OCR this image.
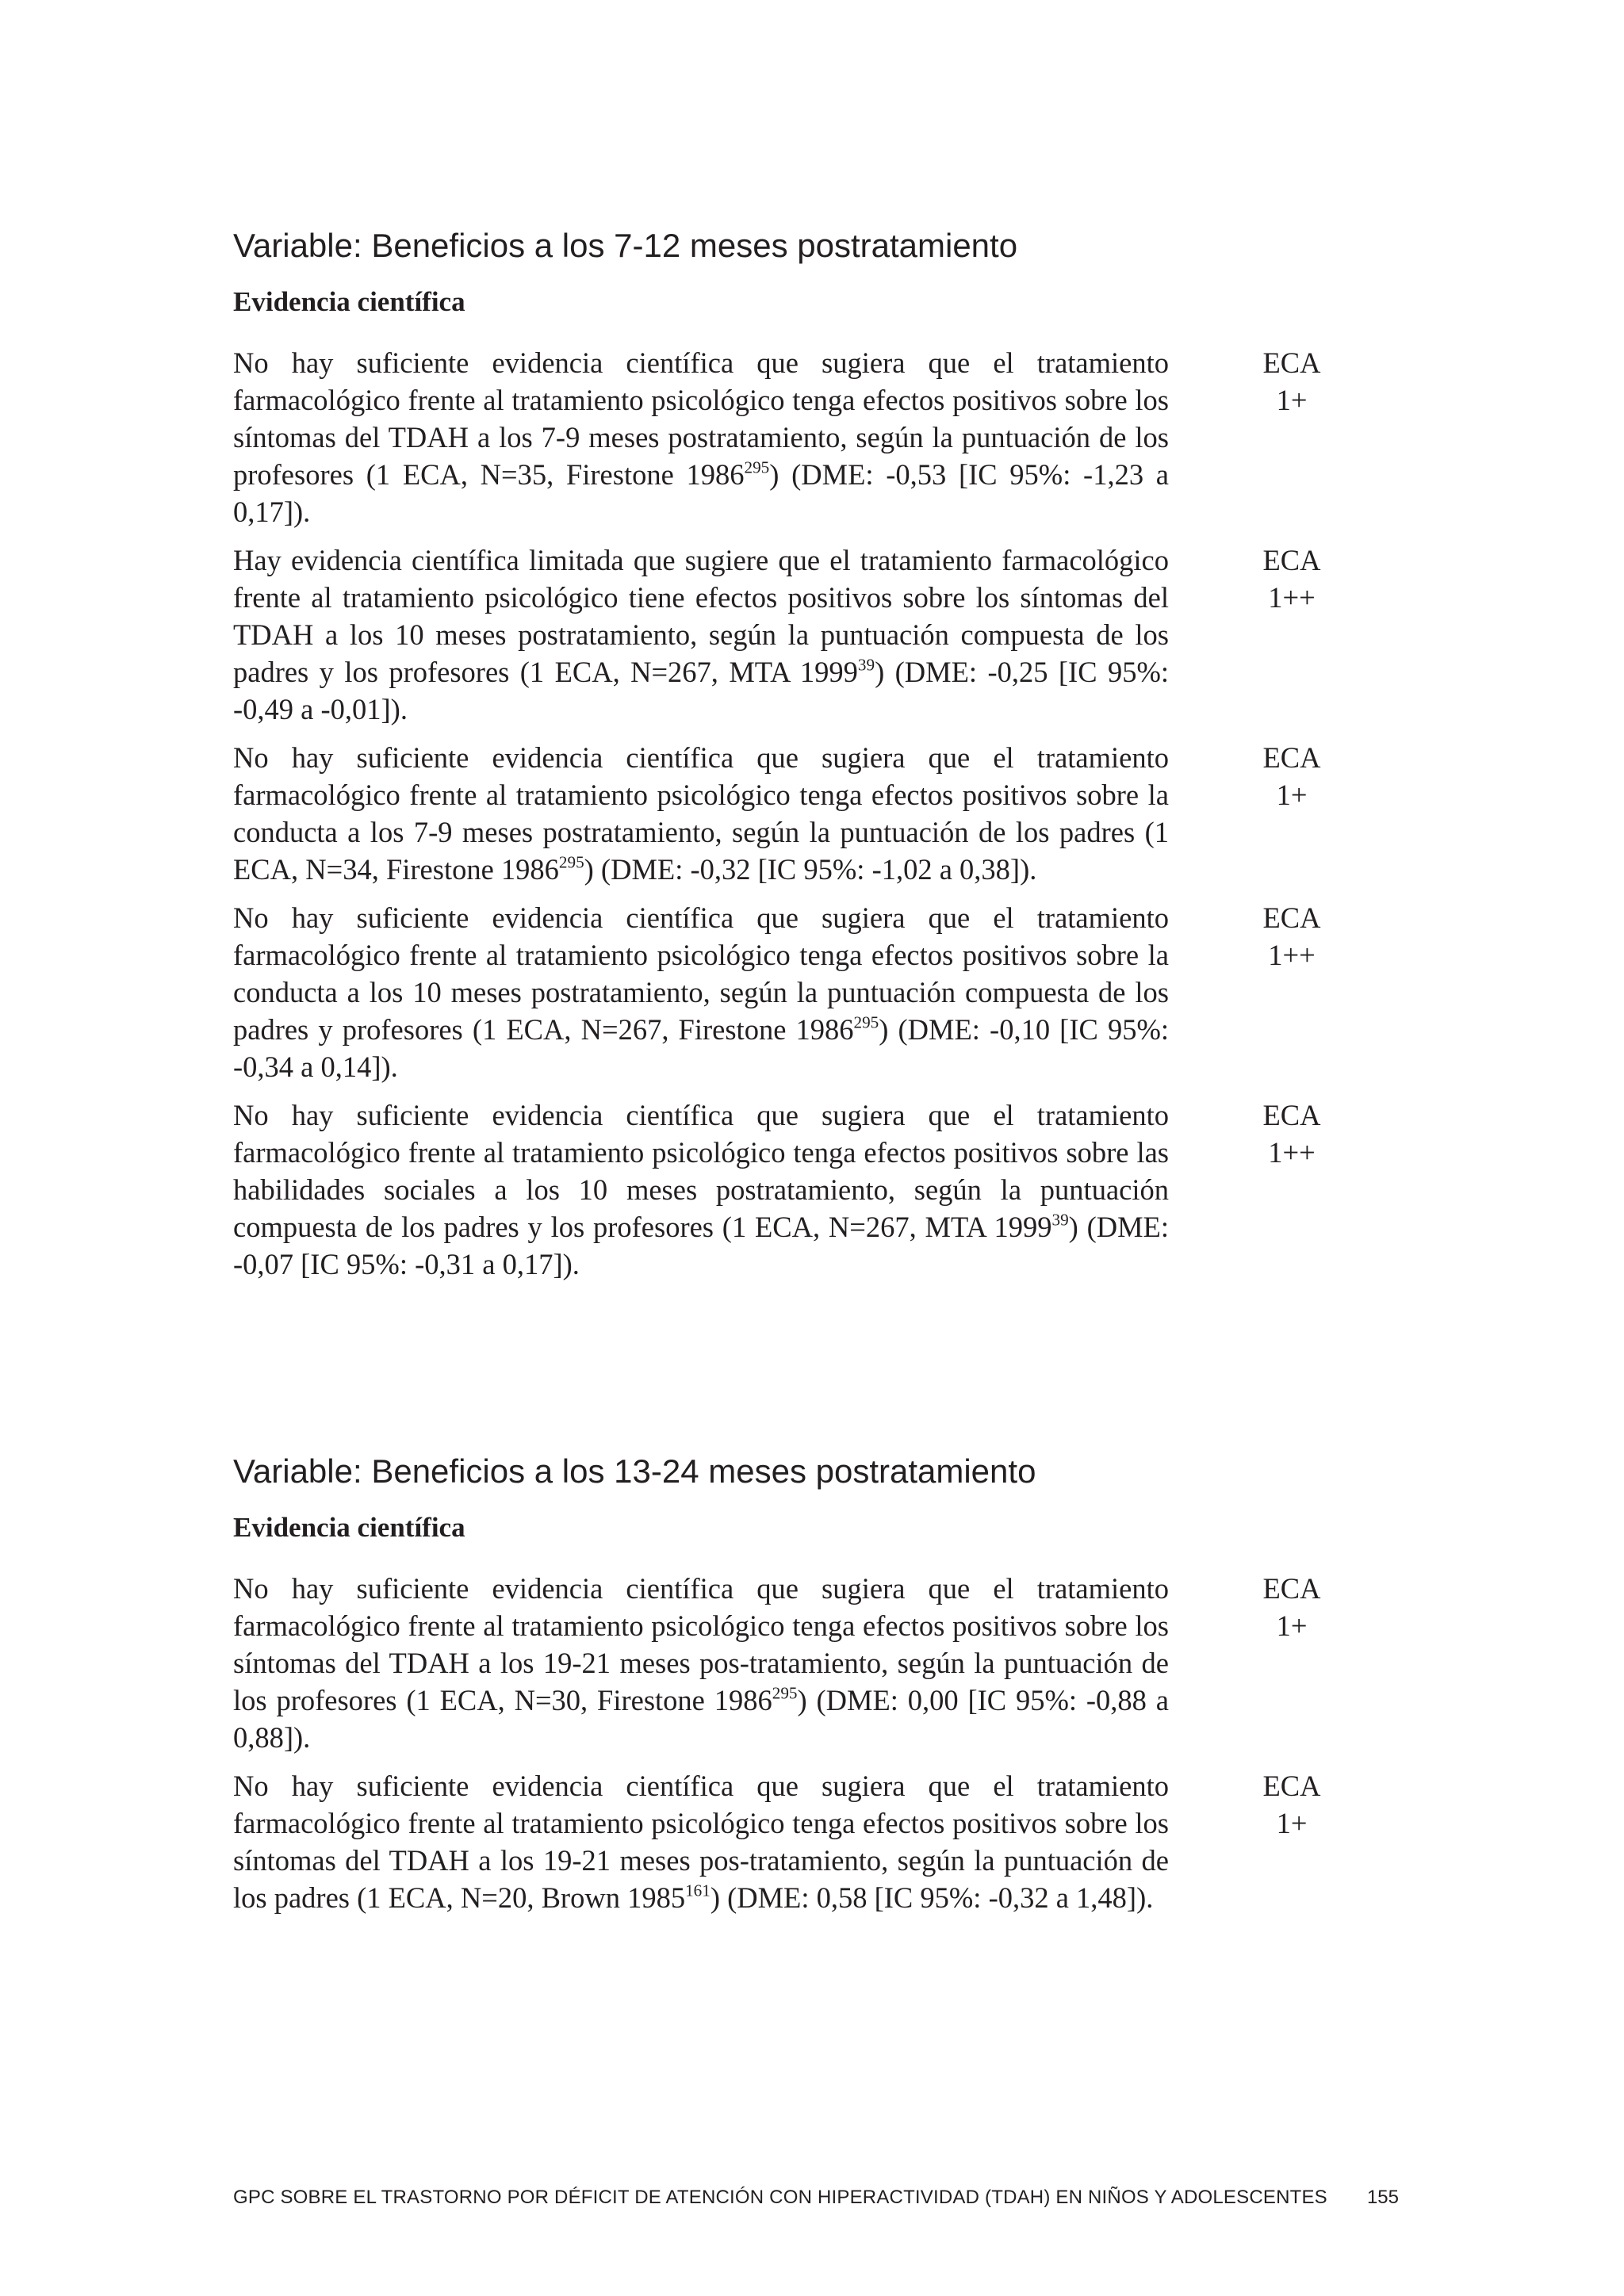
Variable: Beneficios a los 7-12 meses postratamiento
Evidencia científica

No hay suficiente evidencia científica que sugiera que el tratamiento farmacológico frente al tratamiento psicológico tenga efectos positivos sobre los síntomas del TDAH a los 7-9 meses postratamiento, según la puntuación de los profesores (1 ECA, N=35, Firestone 1986$^{295}$) (DME: -0,53 [IC 95%: -1,23 a 0,17]).

ECA
1+

Hay evidencia científica limitada que sugiere que el tratamiento farmacológico frente al tratamiento psicológico tiene efectos positivos sobre los síntomas del TDAH a los 10 meses postratamiento, según la puntuación compuesta de los padres y los profesores (1 ECA, N=267, MTA 1999$^{39}$) (DME: -0,25 [IC 95%: -0,49 a -0,01]).

ECA
1++

No hay suficiente evidencia científica que sugiera que el tratamiento farmacológico frente al tratamiento psicológico tenga efectos positivos sobre la conducta a los 7-9 meses postratamiento, según la puntuación de los padres (1 ECA, N=34, Firestone 1986$^{295}$) (DME: -0,32 [IC 95%: -1,02 a 0,38]).

ECA
1+

No hay suficiente evidencia científica que sugiera que el tratamiento farmacológico frente al tratamiento psicológico tenga efectos positivos sobre la conducta a los 10 meses postratamiento, según la puntuación compuesta de los padres y profesores (1 ECA, N=267, Firestone 1986$^{295}$) (DME: -0,10 [IC 95%: -0,34 a 0,14]).

ECA
1++

No hay suficiente evidencia científica que sugiera que el tratamiento farmacológico frente al tratamiento psicológico tenga efectos positivos sobre las habilidades sociales a los 10 meses postratamiento, según la puntuación compuesta de los padres y los profesores (1 ECA, N=267, MTA 1999$^{39}$) (DME: -0,07 [IC 95%: -0,31 a 0,17]).

ECA
1++
Variable: Beneficios a los 13-24 meses postratamiento
Evidencia científica

No hay suficiente evidencia científica que sugiera que el tratamiento farmacológico frente al tratamiento psicológico tenga efectos positivos sobre los síntomas del TDAH a los 19-21 meses pos-tratamiento, según la puntuación de los profesores (1 ECA, N=30, Firestone 1986$^{295}$) (DME: 0,00 [IC 95%: -0,88 a 0,88]).

ECA
1+

No hay suficiente evidencia científica que sugiera que el tratamiento farmacológico frente al tratamiento psicológico tenga efectos positivos sobre los síntomas del TDAH a los 19-21 meses pos-tratamiento, según la puntuación de los padres (1 ECA, N=20, Brown 1985$^{161}$) (DME: 0,58 [IC 95%: -0,32 a 1,48]).

ECA
1+
GPC SOBRE EL TRASTORNO POR DÉFICIT DE ATENCIÓN CON HIPERACTIVIDAD (TDAH) EN NIÑOS Y ADOLESCENTES 155
